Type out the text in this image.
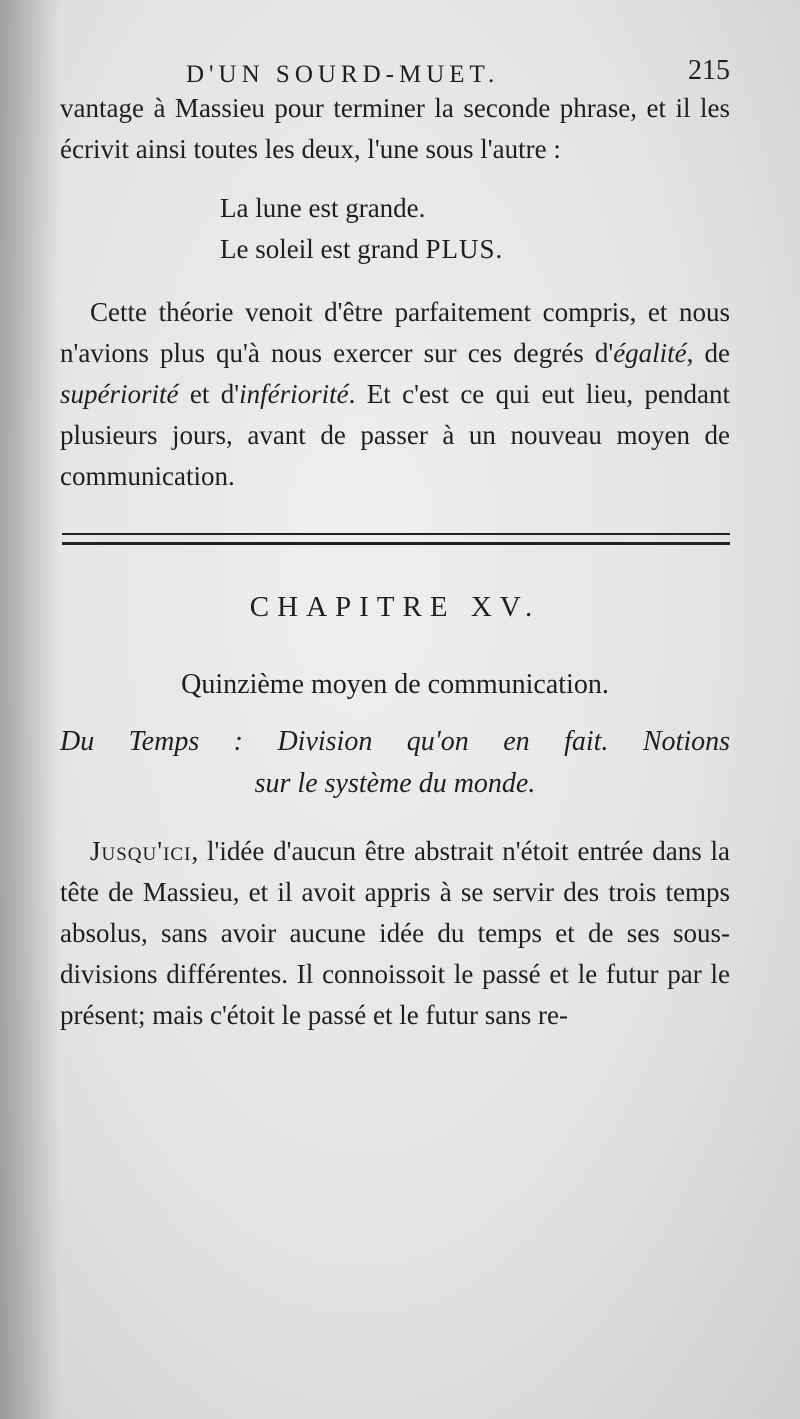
D'UN SOURD-MUET.	215

vantage à Massieu pour terminer la seconde phrase, et il les écrivit ainsi toutes les deux, l'une sous l'autre :

La lune est grande.
Le soleil est grand PLUS.

Cette théorie venoit d'être parfaitement compris, et nous n'avions plus qu'à nous exercer sur ces degrés d'égalité, de supériorité et d'infériorité. Et c'est ce qui eut lieu, pendant plusieurs jours, avant de passer à un nouveau moyen de communication.

CHAPITRE XV.
Quinzième moyen de communication.
Du Temps : Division qu'on en fait. Notions
sur le système du monde.

Jusqu'ici, l'idée d'aucun être abstrait n'étoit entrée dans la tête de Massieu, et il avoit appris à se servir des trois temps absolus, sans avoir aucune idée du temps et de ses sous-divisions différentes. Il connoissoit le passé et le futur par le présent; mais c'étoit le passé et le futur sans re-
